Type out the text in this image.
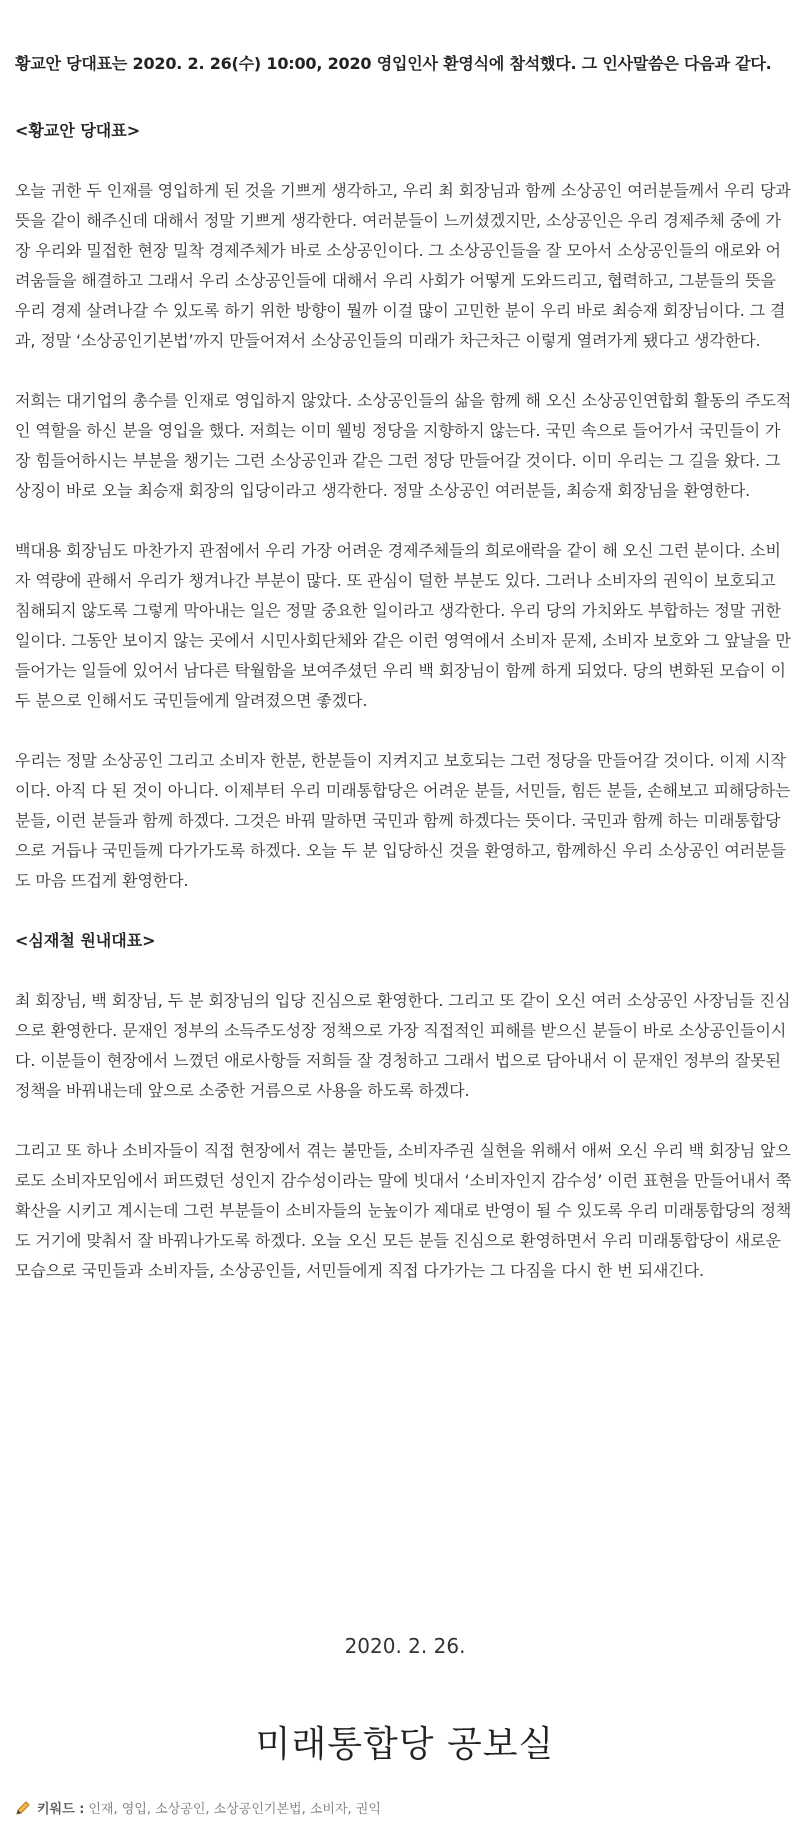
황교안 당대표는 2020. 2. 26(수) 10:00, 2020 영입인사 환영식에 참석했다. 그 인사말씀은 다음과 같다.

<황교안 당대표>

오늘 귀한 두 인재를 영입하게 된 것을 기쁘게 생각하고, 우리 최 회장님과 함께 소상공인 여러분들께서 우리 당과 뜻을 같이 해주신데 대해서 정말 기쁘게 생각한다. 여러분들이 느끼셨겠지만, 소상공인은 우리 경제주체 중에 가장 우리와 밀접한 현장 밀착 경제주체가 바로 소상공인이다. 그 소상공인들을 잘 모아서 소상공인들의 애로와 어려움들을 해결하고 그래서 우리 소상공인들에 대해서 우리 사회가 어떻게 도와드리고, 협력하고, 그분들의 뜻을 우리 경제 살려나갈 수 있도록 하기 위한 방향이 뭘까 이걸 많이 고민한 분이 우리 바로 최승재 회장님이다. 그 결과, 정말 ‘소상공인기본법’까지 만들어져서 소상공인들의 미래가 차근차근 이렇게 열려가게 됐다고 생각한다.

저희는 대기업의 총수를 인재로 영입하지 않았다. 소상공인들의 삶을 함께 해 오신 소상공인연합회 활동의 주도적인 역할을 하신 분을 영입을 했다. 저희는 이미 웰빙 정당을 지향하지 않는다. 국민 속으로 들어가서 국민들이 가장 힘들어하시는 부분을 챙기는 그런 소상공인과 같은 그런 정당 만들어갈 것이다. 이미 우리는 그 길을 왔다. 그 상징이 바로 오늘 최승재 회장의 입당이라고 생각한다. 정말 소상공인 여러분들, 최승재 회장님을 환영한다.

백대용 회장님도 마찬가지 관점에서 우리 가장 어려운 경제주체들의 희로애락을 같이 해 오신 그런 분이다. 소비자 역량에 관해서 우리가 챙겨나간 부분이 많다. 또 관심이 덜한 부분도 있다. 그러나 소비자의 권익이 보호되고 침해되지 않도록 그렇게 막아내는 일은 정말 중요한 일이라고 생각한다. 우리 당의 가치와도 부합하는 정말 귀한 일이다. 그동안 보이지 않는 곳에서 시민사회단체와 같은 이런 영역에서 소비자 문제, 소비자 보호와 그 앞날을 만들어가는 일들에 있어서 남다른 탁월함을 보여주셨던 우리 백 회장님이 함께 하게 되었다. 당의 변화된 모습이 이 두 분으로 인해서도 국민들에게 알려졌으면 좋겠다.

우리는 정말 소상공인 그리고 소비자 한분, 한분들이 지켜지고 보호되는 그런 정당을 만들어갈 것이다. 이제 시작이다. 아직 다 된 것이 아니다. 이제부터 우리 미래통합당은 어려운 분들, 서민들, 힘든 분들, 손해보고 피해당하는 분들, 이런 분들과 함께 하겠다. 그것은 바꿔 말하면 국민과 함께 하겠다는 뜻이다. 국민과 함께 하는 미래통합당으로 거듭나 국민들께 다가가도록 하겠다. 오늘 두 분 입당하신 것을 환영하고, 함께하신 우리 소상공인 여러분들도 마음 뜨겁게 환영한다.

<심재철 원내대표>

최 회장님, 백 회장님, 두 분 회장님의 입당 진심으로 환영한다. 그리고 또 같이 오신 여러 소상공인 사장님들 진심으로 환영한다. 문재인 정부의 소득주도성장 정책으로 가장 직접적인 피해를 받으신 분들이 바로 소상공인들이시다. 이분들이 현장에서 느꼈던 애로사항들 저희들 잘 경청하고 그래서 법으로 담아내서 이 문재인 정부의 잘못된 정책을 바꿔내는데 앞으로 소중한 거름으로 사용을 하도록 하겠다.

그리고 또 하나 소비자들이 직접 현장에서 겪는 불만들, 소비자주권 실현을 위해서 애써 오신 우리 백 회장님 앞으로도 소비자모임에서 퍼뜨렸던 성인지 감수성이라는 말에 빗대서 ‘소비자인지 감수성’ 이런 표현을 만들어내서 쭉 확산을 시키고 계시는데 그런 부분들이 소비자들의 눈높이가 제대로 반영이 될 수 있도록 우리 미래통합당의 정책도 거기에 맞춰서 잘 바꿔나가도록 하겠다. 오늘 오신 모든 분들 진심으로 환영하면서 우리 미래통합당이 새로운 모습으로 국민들과 소비자들, 소상공인들, 서민들에게 직접 다가가는 그 다짐을 다시 한 번 되새긴다.

2020. 2. 26.
미래통합당 공보실
키워드 : 인재, 영입, 소상공인, 소상공인기본법, 소비자, 권익
